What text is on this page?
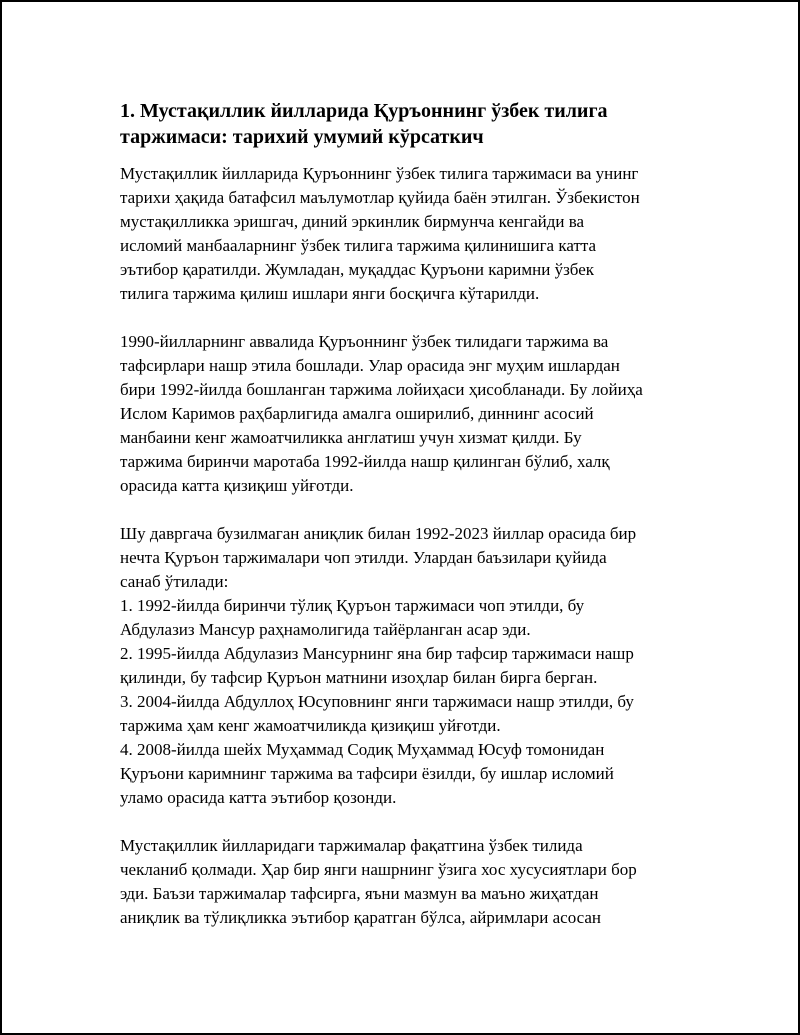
1. Мустақиллик йилларида Қуръоннинг ўзбек тилига
таржимаси: тарихий умумий кўрсаткич

Мустақиллик йилларида Қуръоннинг ўзбек тилига таржимаси ва унинг
тарихи ҳақида батафсил маълумотлар қуйида баён этилган. Ўзбекистон
мустақилликка эришгач, диний эркинлик бирмунча кенгайди ва
исломий манбааларнинг ўзбек тилига таржима қилинишига катта
эътибор қаратилди. Жумладан, муқаддас Қуръони каримни ўзбек
тилига таржима қилиш ишлари янги босқичга кўтарилди.

1990-йилларнинг аввалида Қуръоннинг ўзбек тилидаги таржима ва
тафсирлари нашр этила бошлади. Улар орасида энг муҳим ишлардан
бири 1992-йилда бошланган таржима лойиҳаси ҳисобланади. Бу лойиҳа
Ислом Каримов раҳбарлигида амалга оширилиб, диннинг асосий
манбаини кенг жамоатчиликка англатиш учун хизмат қилди. Бу
таржима биринчи маротаба 1992-йилда нашр қилинган бўлиб, халқ
орасида катта қизиқиш уйғотди.

Шу давргача бузилмаган аниқлик билан 1992-2023 йиллар орасида бир
нечта Қуръон таржималари чоп этилди. Улардан баъзилари қуйида
санаб ўтилади:
1. 1992-йилда биринчи тўлиқ Қуръон таржимаси чоп этилди, бу
Абдулазиз Мансур раҳнамолигида тайёрланган асар эди.
2. 1995-йилда Абдулазиз Мансурнинг яна бир тафсир таржимаси нашр
қилинди, бу тафсир Қуръон матнини изоҳлар билан бирга берган.
3. 2004-йилда Абдуллоҳ Юсуповнинг янги таржимаси нашр этилди, бу
таржима ҳам кенг жамоатчиликда қизиқиш уйғотди.
4. 2008-йилда шейх Муҳаммад Содиқ Муҳаммад Юсуф томонидан
Қуръони каримнинг таржима ва тафсири ёзилди, бу ишлар исломий
уламо орасида катта эътибор қозонди.

Мустақиллик йилларидаги таржималар фақатгина ўзбек тилида
чекланиб қолмади. Ҳар бир янги нашрнинг ўзига хос хусусиятлари бор
эди. Баъзи таржималар тафсирга, яъни мазмун ва маъно жиҳатдан
аниқлик ва тўлиқликка эътибор қаратган бўлса, айримлари асосан
